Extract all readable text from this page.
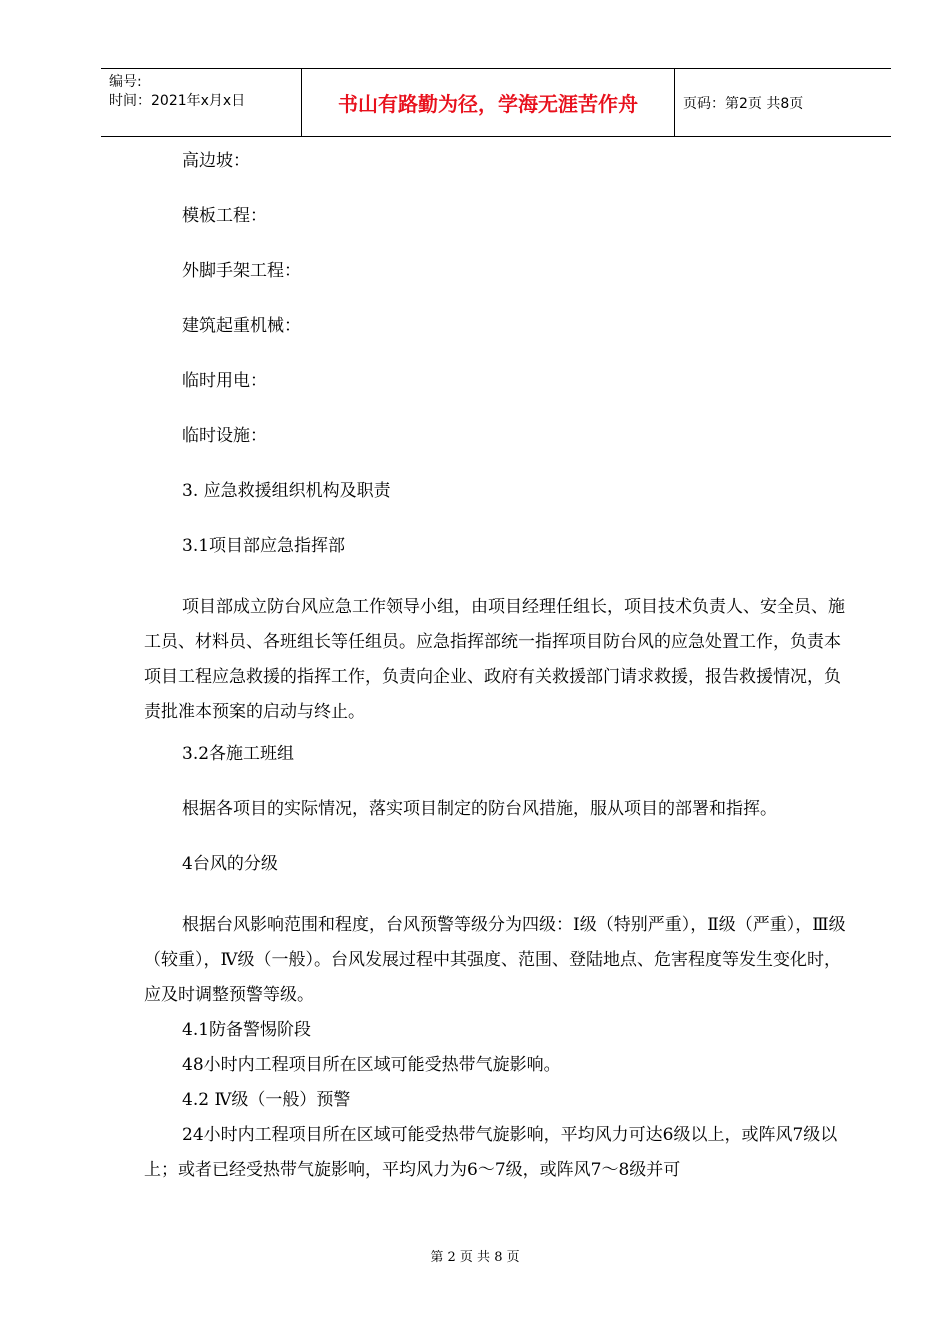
编号:
时间：2021年x月x日	书山有路勤为径，学海无涯苦作舟	页码：第2页 共8页

高边坡：

模板工程：

外脚手架工程：

建筑起重机械：

临时用电：

临时设施：

3. 应急救援组织机构及职责

3.1项目部应急指挥部

项目部成立防台风应急工作领导小组，由项目经理任组长，项目技术负责人、安全员、施工员、材料员、各班组长等任组员。应急指挥部统一指挥项目防台风的应急处置工作，负责本项目工程应急救援的指挥工作，负责向企业、政府有关救援部门请求救援，报告救援情况，负责批准本预案的启动与终止。

3.2各施工班组

根据各项目的实际情况，落实项目制定的防台风措施，服从项目的部署和指挥。

4台风的分级

根据台风影响范围和程度，台风预警等级分为四级：Ⅰ级（特别严重），Ⅱ级（严重），Ⅲ级（较重），Ⅳ级（一般）。台风发展过程中其强度、范围、登陆地点、危害程度等发生变化时，应及时调整预警等级。

4.1防备警惕阶段

48小时内工程项目所在区域可能受热带气旋影响。

4.2 Ⅳ级（一般）预警

24小时内工程项目所在区域可能受热带气旋影响，平均风力可达6级以上，或阵风7级以上；或者已经受热带气旋影响，平均风力为6～7级，或阵风7～8级并可

第 2 页 共 8 页
